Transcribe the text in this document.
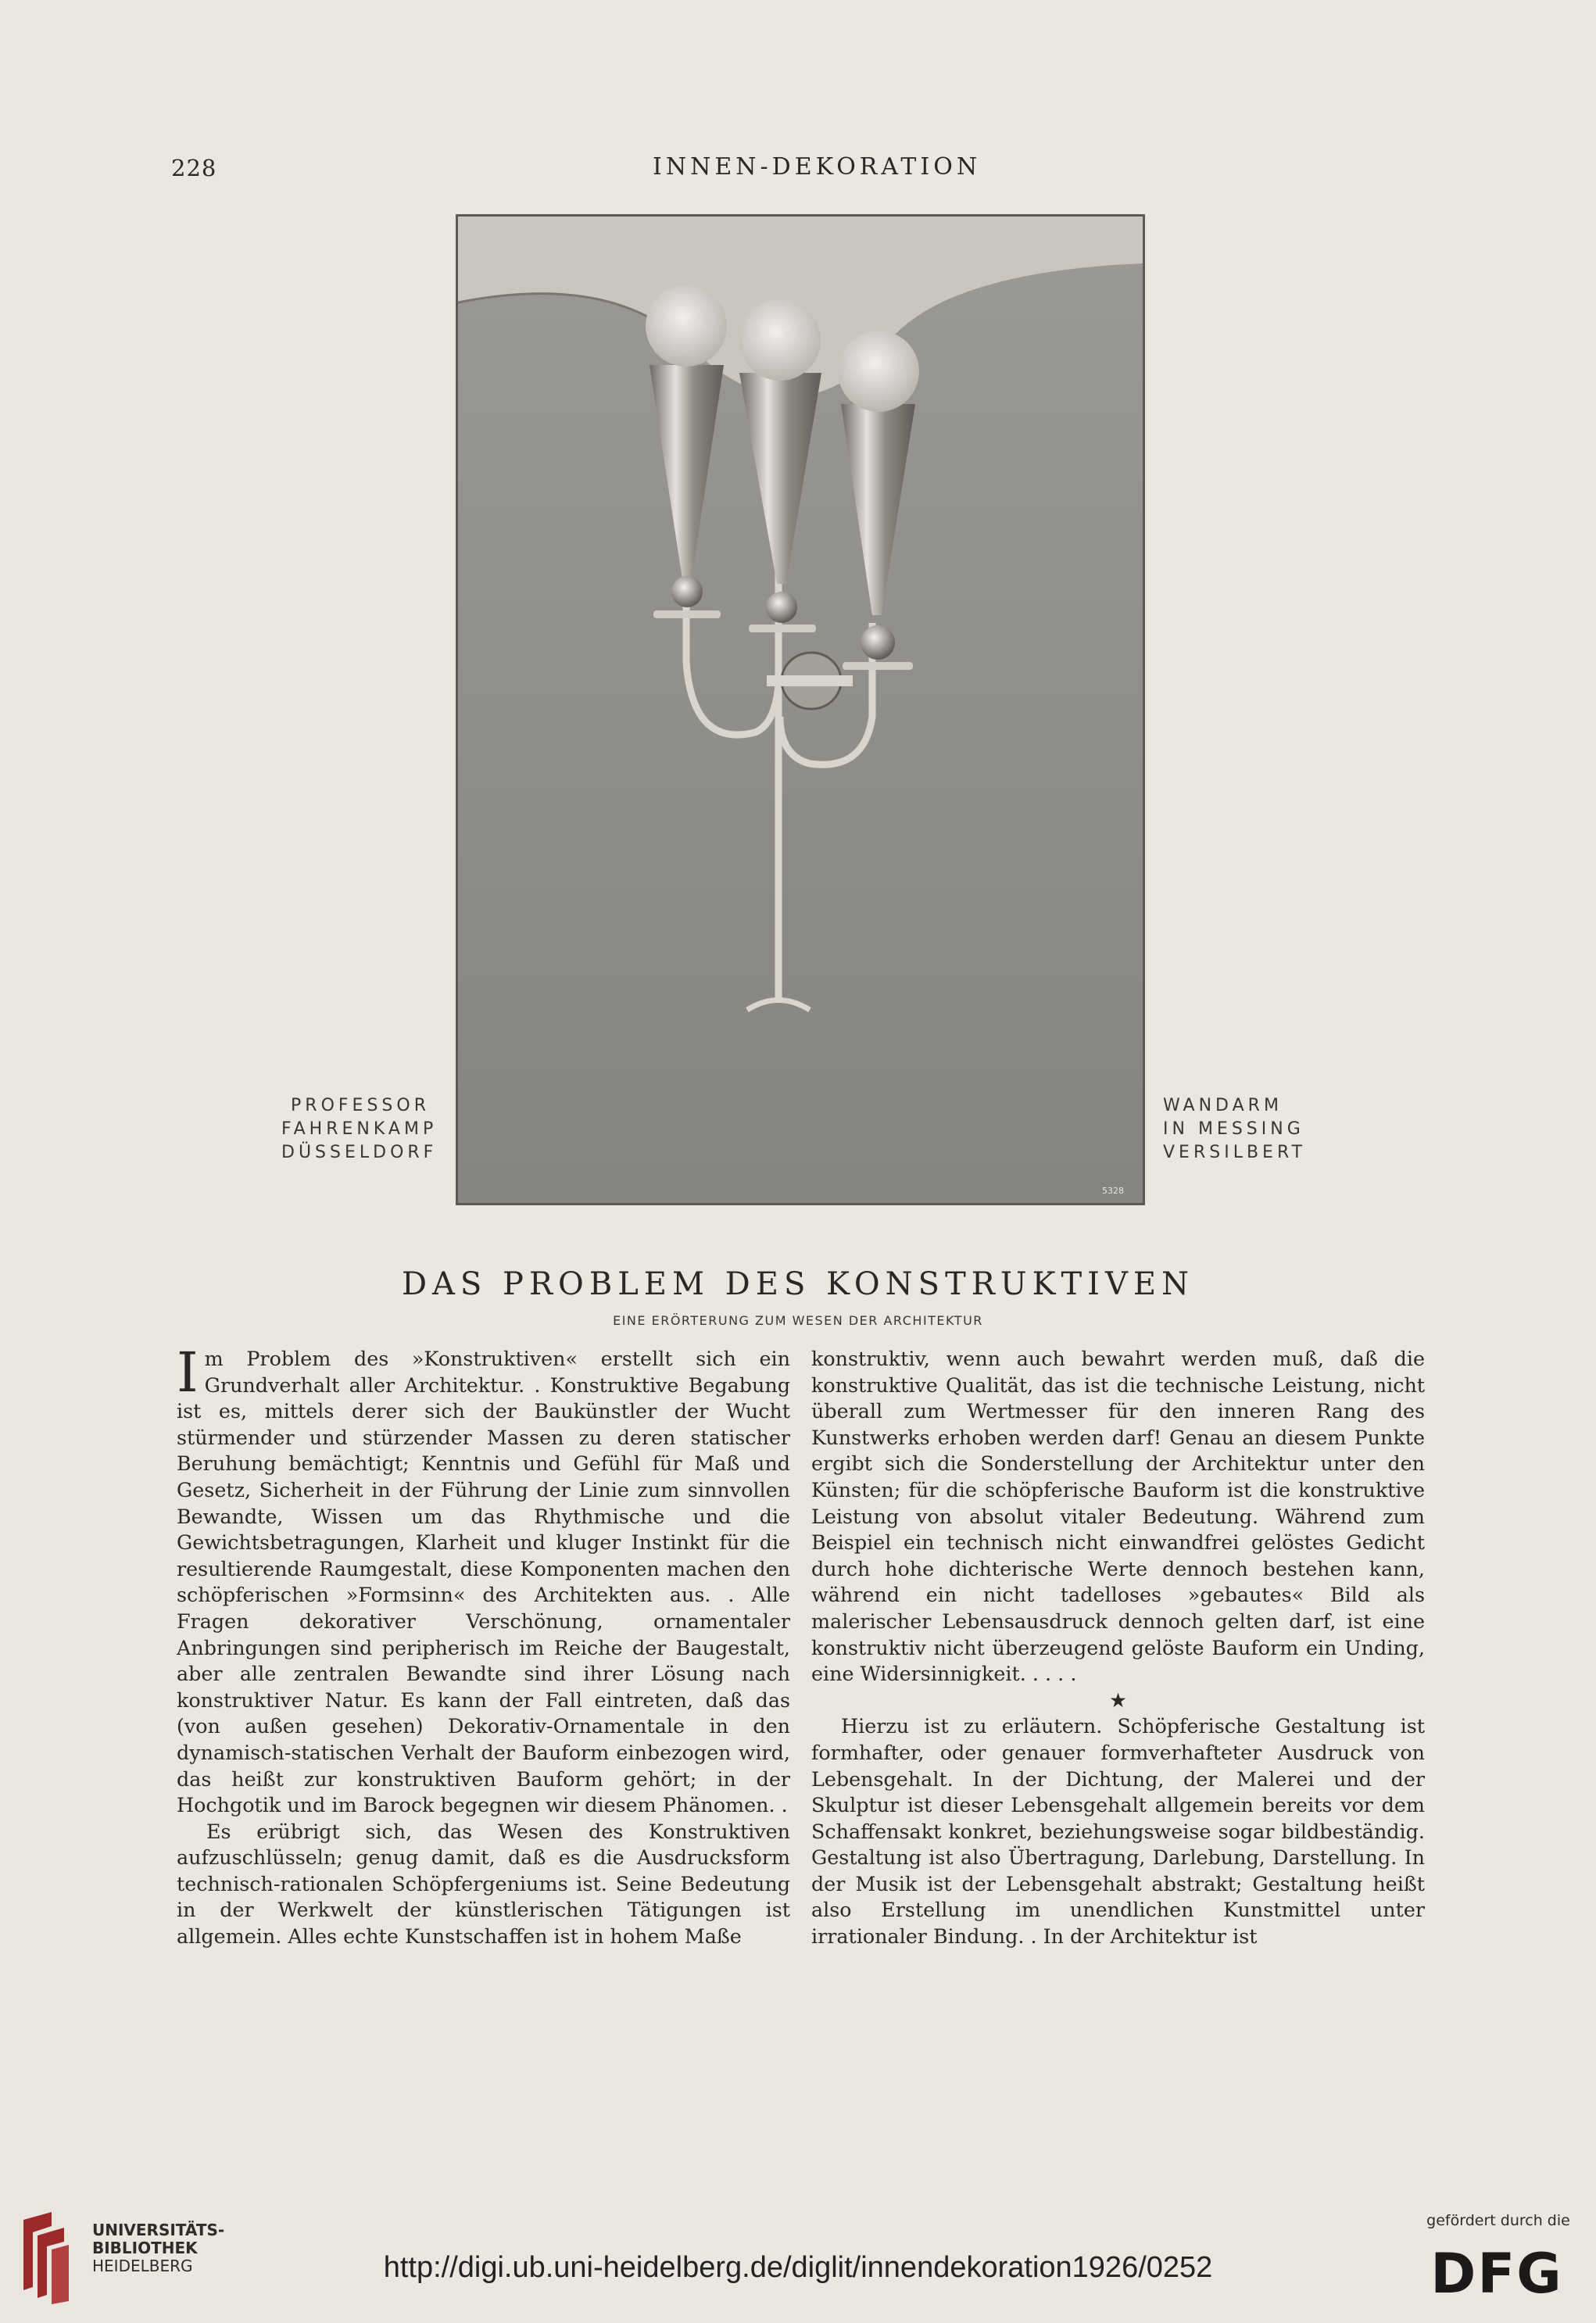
228	INNEN-DEKORATION
5328
PROFESSOR
FAHRENKAMP
DÜSSELDORF
WANDARM
IN MESSING
VERSILBERT
DAS PROBLEM DES KONSTRUKTIVEN
EINE ERÖRTERUNG ZUM WESEN DER ARCHITEKTUR

Im Problem des »Konstruktiven« erstellt sich ein Grundverhalt aller Architektur. . Konstruktive Begabung ist es, mittels derer sich der Baukünstler der Wucht stürmender und stürzender Massen zu deren statischer Beruhung bemächtigt; Kenntnis und Gefühl für Maß und Gesetz, Sicherheit in der Führung der Linie zum sinnvollen Bewandte, Wissen um das Rhythmische und die Gewichtsbetragungen, Klarheit und kluger Instinkt für die resultierende Raumgestalt, diese Komponenten machen den schöpferischen »Formsinn« des Architekten aus. . Alle Fragen dekorativer Verschönung, ornamentaler Anbringungen sind peripherisch im Reiche der Baugestalt, aber alle zentralen Bewandte sind ihrer Lösung nach konstruktiver Natur. Es kann der Fall eintreten, daß das (von außen gesehen) Dekorativ-Ornamentale in den dynamisch-statischen Verhalt der Bauform einbezogen wird, das heißt zur konstruktiven Bauform gehört; in der Hochgotik und im Barock begegnen wir diesem Phänomen. .

Es erübrigt sich, das Wesen des Konstruktiven aufzuschlüsseln; genug damit, daß es die Ausdrucksform technisch-rationalen Schöpfergeniums ist. Seine Bedeutung in der Werkwelt der künstlerischen Tätigungen ist allgemein. Alles echte Kunstschaffen ist in hohem Maße

konstruktiv, wenn auch bewahrt werden muß, daß die konstruktive Qualität, das ist die technische Leistung, nicht überall zum Wertmesser für den inneren Rang des Kunstwerks erhoben werden darf! Genau an diesem Punkte ergibt sich die Sonderstellung der Architektur unter den Künsten; für die schöpferische Bauform ist die konstruktive Leistung von absolut vitaler Bedeutung. Während zum Beispiel ein technisch nicht einwandfrei gelöstes Gedicht durch hohe dichterische Werte dennoch bestehen kann, während ein nicht tadelloses »gebautes« Bild als malerischer Lebensausdruck dennoch gelten darf, ist eine konstruktiv nicht überzeugend gelöste Bauform ein Unding, eine Widersinnigkeit. . . . .

★

Hierzu ist zu erläutern. Schöpferische Gestaltung ist formhafter, oder genauer formverhafteter Ausdruck von Lebensgehalt. In der Dichtung, der Malerei und der Skulptur ist dieser Lebensgehalt allgemein bereits vor dem Schaffensakt konkret, beziehungsweise sogar bildbeständig. Gestaltung ist also Übertragung, Darlebung, Darstellung. In der Musik ist der Lebensgehalt abstrakt; Gestaltung heißt also Erstellung im unendlichen Kunstmittel unter irrationaler Bindung. . In der Architektur ist

UNIVERSITÄTS-
BIBLIOTHEK
HEIDELBERG	http://digi.ub.uni-heidelberg.de/diglit/innendekoration1926/0252
gefördert durch die
DFG
